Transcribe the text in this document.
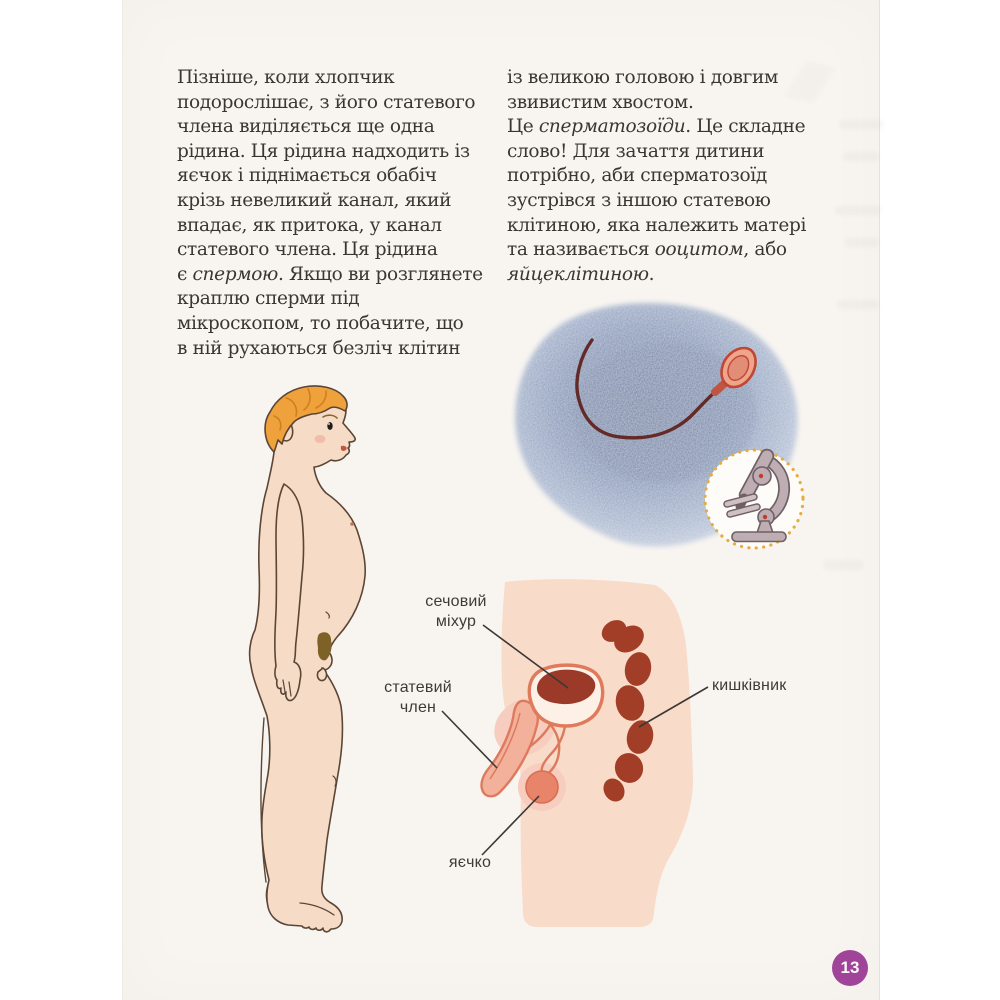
Пізніше, коли хлопчик
подорослішає, з його статевого
члена виділяється ще одна
рідина. Ця рідина надходить із
яєчок і піднімається обабіч
крізь невеликий канал, який
впадає, як притока, у канал
статевого члена. Ця рідина
є спермою. Якщо ви розглянете
краплю сперми під
мікроскопом, то побачите, що
в ній рухаються безліч клітин
із великою головою і довгим
звивистим хвостом.
Це сперматозоїди. Це складне
слово! Для зачаття дитини
потрібно, аби сперматозоїд
зустрівся з іншою статевою
клітиною, яка належить матері
та називається ооцитом, або
яйцеклітиною.
сечовий
міхур
статевий
член
кишківник
яєчко
13
